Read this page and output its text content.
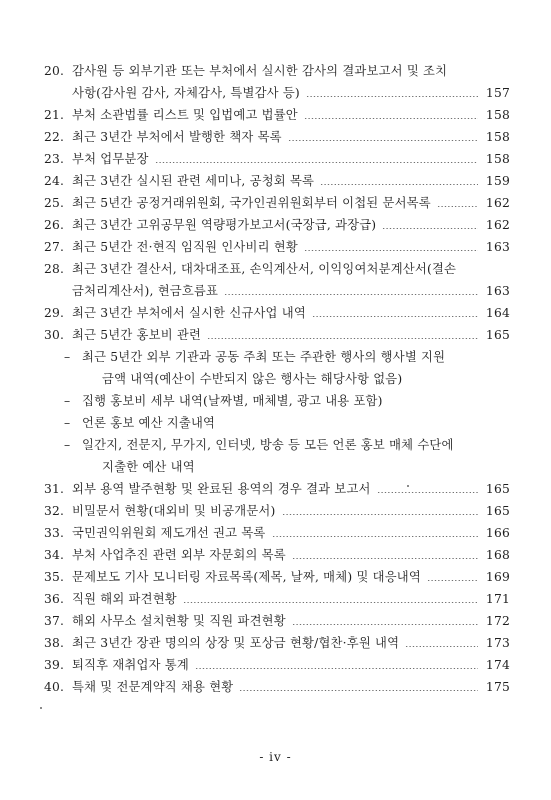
20. 감사원 등 외부기관 또는 부처에서 실시한 감사의 결과보고서 및 조치
사항(감사원 감사, 자체감사, 특별감사 등)	157
21. 부처 소관법률 리스트 및 입법예고 법률안	158
22. 최근 3년간 부처에서 발행한 책자 목록	158
23. 부처 업무분장	158
24. 최근 3년간 실시된 관련 세미나, 공청회 목록	159
25. 최근 5년간 공정거래위원회, 국가인권위원회부터 이첩된 문서목록	162
26. 최근 3년간 고위공무원 역량평가보고서(국장급, 과장급)	162
27. 최근 5년간 전·현직 임직원 인사비리 현황	163
28. 최근 3년간 결산서, 대차대조표, 손익계산서, 이익잉여처분계산서(결손
금처리계산서), 현금흐름표	163
29. 최근 3년간 부처에서 실시한 신규사업 내역	164
30. 최근 5년간 홍보비 관련	165
– 최근 5년간 외부 기관과 공동 주최 또는 주관한 행사의 행사별 지원
금액 내역(예산이 수반되지 않은 행사는 해당사항 없음)
– 집행 홍보비 세부 내역(날짜별, 매체별, 광고 내용 포함)
– 언론 홍보 예산 지출내역
– 일간지, 전문지, 무가지, 인터넷, 방송 등 모든 언론 홍보 매체 수단에
지출한 예산 내역
31. 외부 용역 발주현황 및 완료된 용역의 경우 결과 보고서	165
32. 비밀문서 현황(대외비 및 비공개문서)	165
33. 국민권익위원회 제도개선 권고 목록	166
34. 부처 사업추진 관련 외부 자문회의 목록	168
35. 문제보도 기사 모니터링 자료목록(제목, 날짜, 매체) 및 대응내역	169
36. 직원 해외 파견현황	171
37. 해외 사무소 설치현황 및 직원 파견현황	172
38. 최근 3년간 장관 명의의 상장 및 포상금 현황/협찬·후원 내역	173
39. 퇴직후 재취업자 통계	174
40. 특채 및 전문계약직 채용 현황	175
- iv -
